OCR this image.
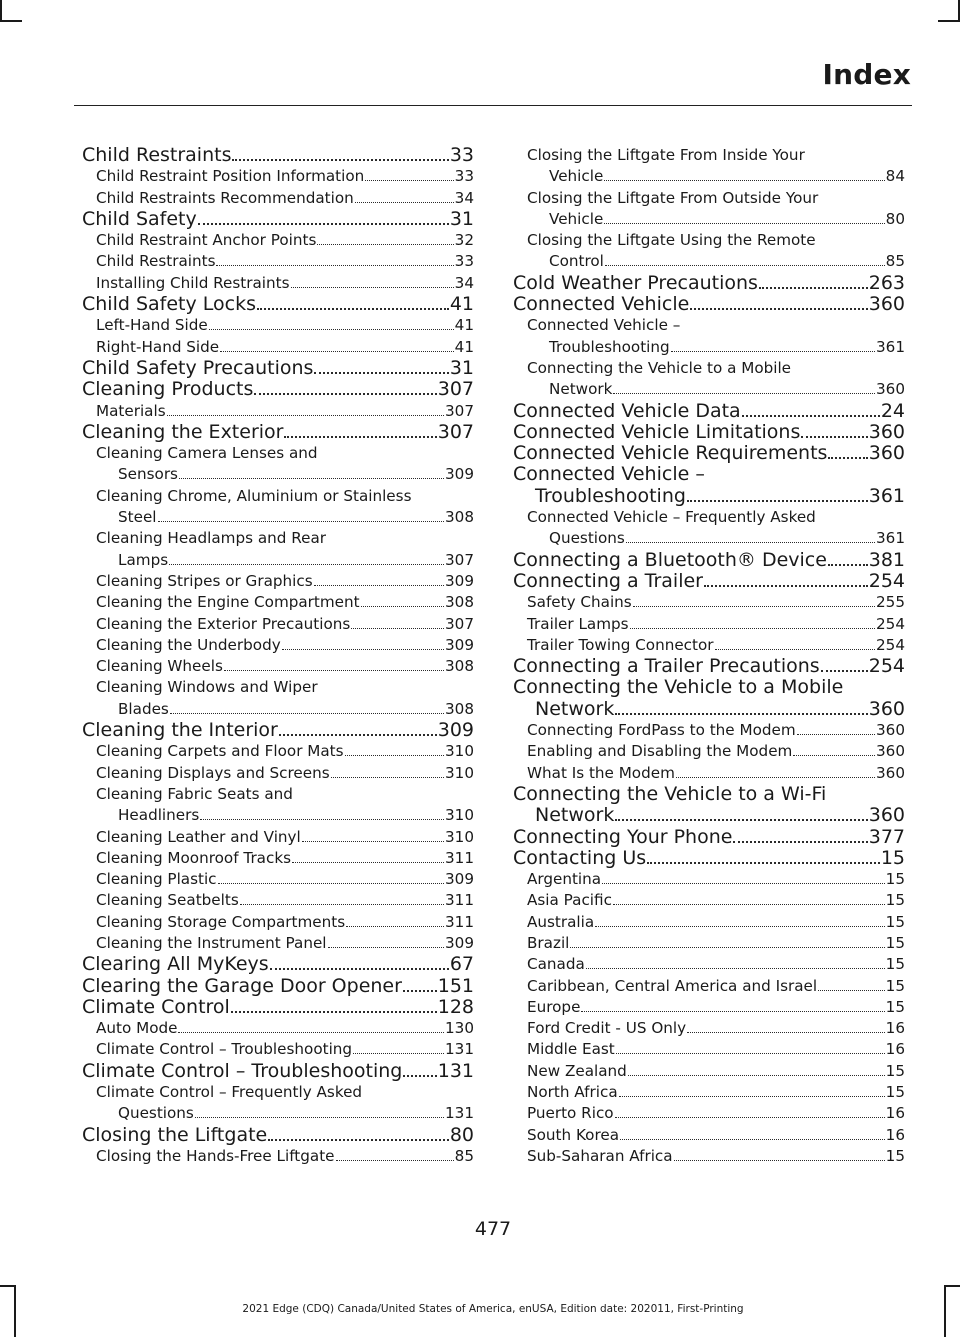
Index
Child Restraints	33
Child Restraint Position Information	33
Child Restraints Recommendation	34
Child Safety	31
Child Restraint Anchor Points	32
Child Restraints	33
Installing Child Restraints	34
Child Safety Locks	41
Left-Hand Side	41
Right-Hand Side	41
Child Safety Precautions	31
Cleaning Products	307
Materials	307
Cleaning the Exterior	307
Cleaning Camera Lenses and
Sensors	309
Cleaning Chrome, Aluminium or Stainless
Steel	308
Cleaning Headlamps and Rear
Lamps	307
Cleaning Stripes or Graphics	309
Cleaning the Engine Compartment	308
Cleaning the Exterior Precautions	307
Cleaning the Underbody	309
Cleaning Wheels	308
Cleaning Windows and Wiper
Blades	308
Cleaning the Interior	309
Cleaning Carpets and Floor Mats	310
Cleaning Displays and Screens	310
Cleaning Fabric Seats and
Headliners	310
Cleaning Leather and Vinyl	310
Cleaning Moonroof Tracks	311
Cleaning Plastic	309
Cleaning Seatbelts	311
Cleaning Storage Compartments	311
Cleaning the Instrument Panel	309
Clearing All MyKeys	67
Clearing the Garage Door Opener 151
Climate Control	128
Auto Mode	130
Climate Control – Troubleshooting	131
Climate Control – Troubleshooting 131
Climate Control – Frequently Asked
Questions	131
Closing the Liftgate	80
Closing the Hands-Free Liftgate	85
Closing the Liftgate From Inside Your
Vehicle	84
Closing the Liftgate From Outside Your
Vehicle	80
Closing the Liftgate Using the Remote
Control	85
Cold Weather Precautions	263
Connected Vehicle	360
Connected Vehicle –
Troubleshooting	361
Connecting the Vehicle to a Mobile
Network	360
Connected Vehicle Data	24
Connected Vehicle Limitations	360
Connected Vehicle Requirements 360
Connected Vehicle –
Troubleshooting	361
Connected Vehicle – Frequently Asked
Questions	361
Connecting a Bluetooth® Device 381
Connecting a Trailer	254
Safety Chains	255
Trailer Lamps	254
Trailer Towing Connector	254
Connecting a Trailer Precautions	254
Connecting the Vehicle to a Mobile
Network	360
Connecting FordPass to the Modem	360
Enabling and Disabling the Modem	360
What Is the Modem	360
Connecting the Vehicle to a Wi-Fi
Network	360
Connecting Your Phone	377
Contacting Us	15
Argentina	15
Asia Pacific	15
Australia	15
Brazil	15
Canada	15
Caribbean, Central America and Israel	15
Europe	15
Ford Credit - US Only	16
Middle East	16
New Zealand	15
North Africa	15
Puerto Rico	16
South Korea	16
Sub-Saharan Africa	15
477
2021 Edge (CDQ) Canada/United States of America, enUSA, Edition date: 202011, First-Printing
